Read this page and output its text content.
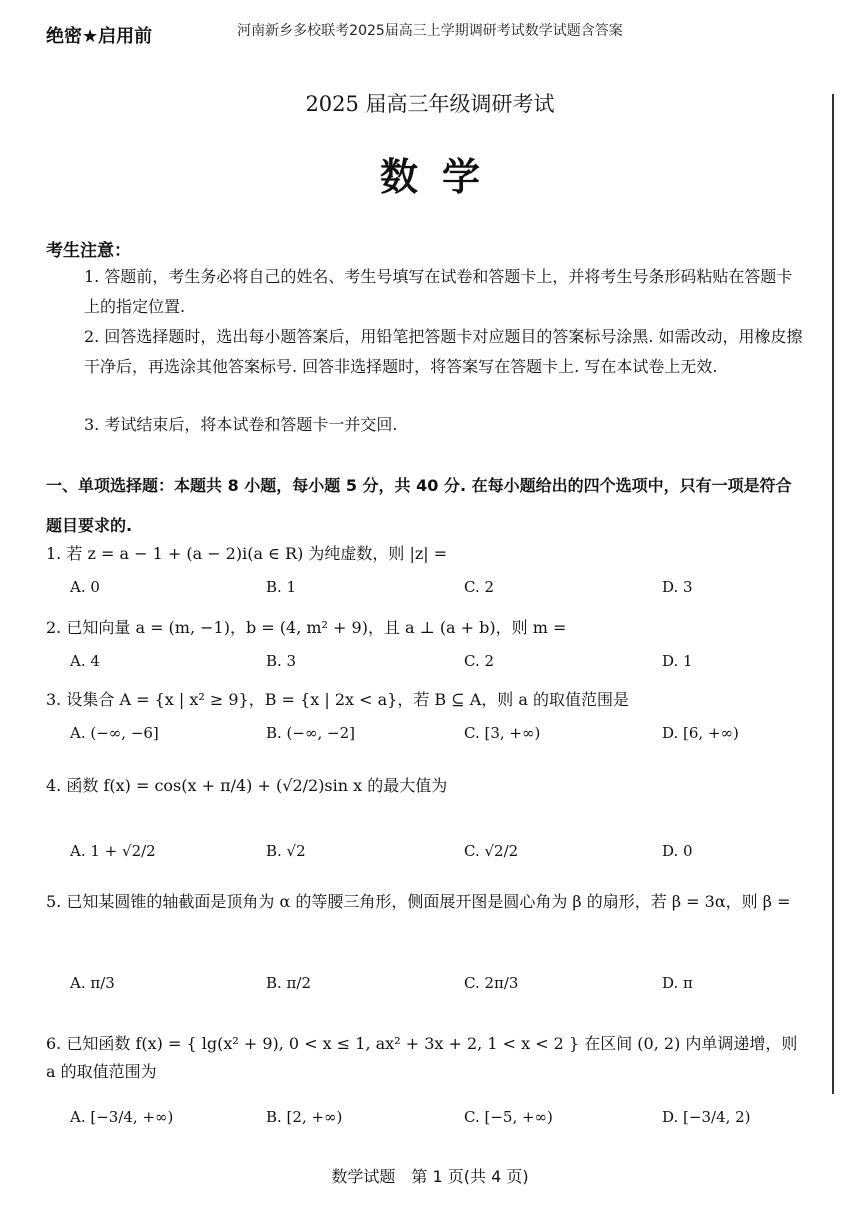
绝密★启用前	河南新乡多校联考2025届高三上学期调研考试数学试题含答案
2025 届高三年级调研考试
数学
考生注意：
1. 答题前，考生务必将自己的姓名、考生号填写在试卷和答题卡上，并将考生号条形码粘贴在答题卡上的指定位置.
2. 回答选择题时，选出每小题答案后，用铅笔把答题卡对应题目的答案标号涂黑. 如需改动，用橡皮擦干净后，再选涂其他答案标号. 回答非选择题时，将答案写在答题卡上. 写在本试卷上无效.
3. 考试结束后，将本试卷和答题卡一并交回.
一、单项选择题：本题共 8 小题，每小题 5 分，共 40 分. 在每小题给出的四个选项中，只有一项是符合题目要求的.
1. 若 z = a − 1 + (a − 2)i(a ∈ R) 为纯虚数，则 |z| =
A. 0	B. 1	C. 2	D. 3
2. 已知向量 a = (m, −1)，b = (4, m² + 9)，且 a ⊥ (a + b)，则 m =
A. 4	B. 3	C. 2	D. 1
3. 设集合 A = {x | x² ≥ 9}，B = {x | 2x < a}，若 B ⊆ A，则 a 的取值范围是
A. (−∞, −6]	B. (−∞, −2]	C. [3, +∞)	D. [6, +∞)
4. 函数 f(x) = cos(x + π/4) + (√2/2)sin x 的最大值为
A. 1 + √2/2	B. √2	C. √2/2	D. 0
5. 已知某圆锥的轴截面是顶角为 α 的等腰三角形，侧面展开图是圆心角为 β 的扇形，若 β = 3α，则 β =
A. π/3	B. π/2	C. 2π/3	D. π
6. 已知函数 f(x) = { lg(x² + 9), 0 < x ≤ 1, ax² + 3x + 2, 1 < x < 2 } 在区间 (0, 2) 内单调递增，则 a 的取值范围为
A. [−3/4, +∞)	B. [2, +∞)	C. [−5, +∞)	D. [−3/4, 2)
数学试题　第 1 页(共 4 页)
